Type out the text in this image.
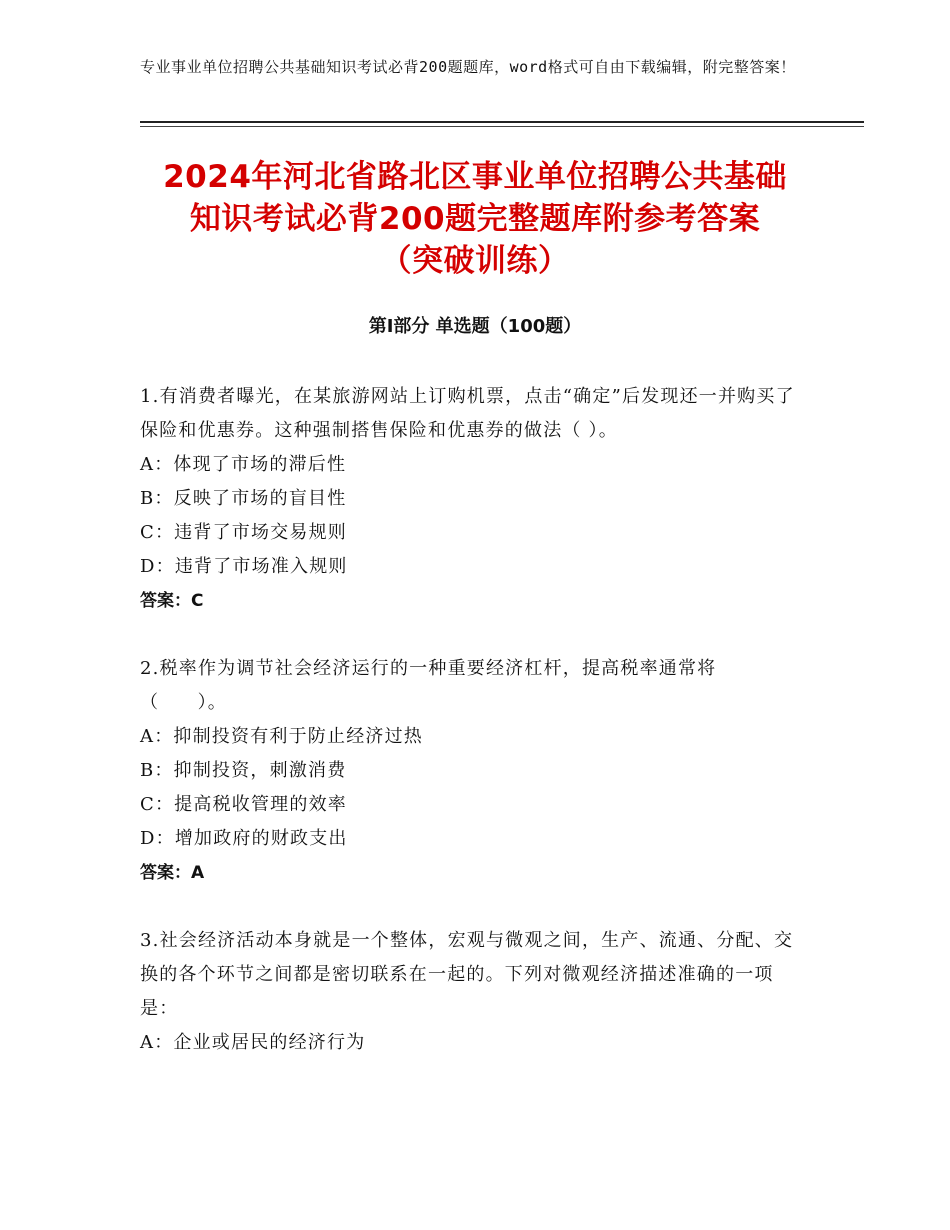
专业事业单位招聘公共基础知识考试必背200题题库，word格式可自由下载编辑，附完整答案！
2024年河北省路北区事业单位招聘公共基础
知识考试必背200题完整题库附参考答案
（突破训练）
第Ⅰ部分 单选题（100题）
1.有消费者曝光，在某旅游网站上订购机票，点击“确定”后发现还一并购买了保险和优惠券。这种强制搭售保险和优惠券的做法（ ）。
A：体现了市场的滞后性
B：反映了市场的盲目性
C：违背了市场交易规则
D：违背了市场准入规则
答案：C
2.税率作为调节社会经济运行的一种重要经济杠杆，提高税率通常将（　　）。
A：抑制投资有利于防止经济过热
B：抑制投资，刺激消费
C：提高税收管理的效率
D：增加政府的财政支出
答案：A
3.社会经济活动本身就是一个整体，宏观与微观之间，生产、流通、分配、交换的各个环节之间都是密切联系在一起的。下列对微观经济描述准确的一项是：
A：企业或居民的经济行为
